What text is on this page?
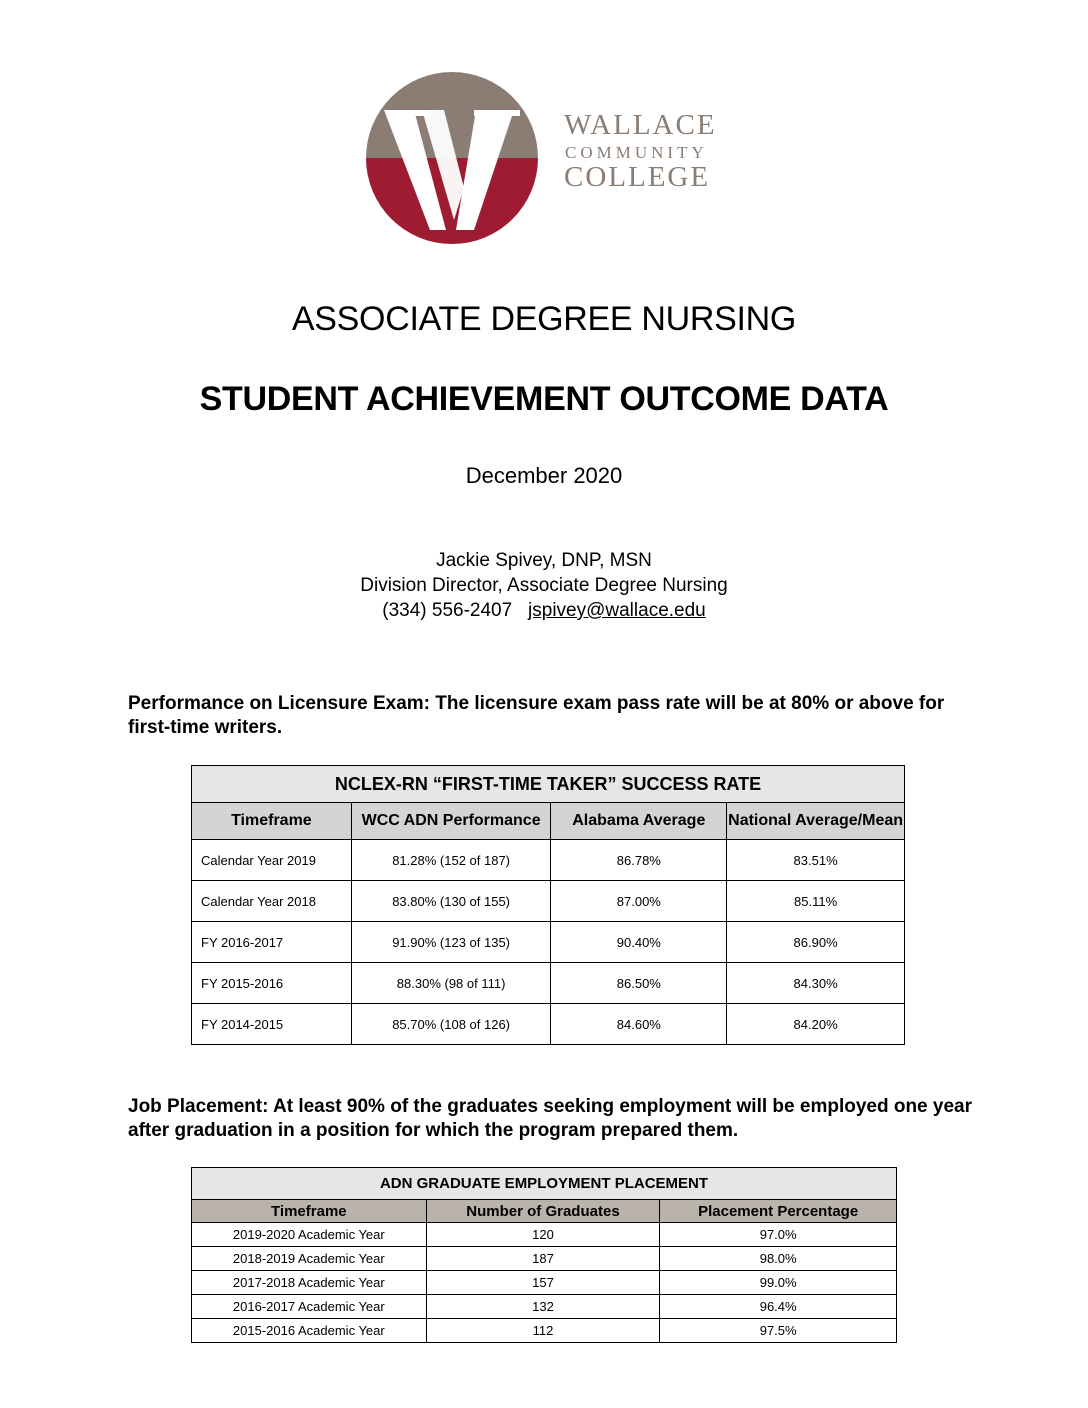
WALLACE
COMMUNITY
COLLEGE
ASSOCIATE DEGREE NURSING
STUDENT ACHIEVEMENT OUTCOME DATA
December 2020
Jackie Spivey, DNP, MSN
Division Director, Associate Degree Nursing
(334) 556-2407 jspivey@wallace.edu
Performance on Licensure Exam: The licensure exam pass rate will be at 80% or above for first-time writers.
NCLEX-RN “FIRST-TIME TAKER” SUCCESS RATE			
Timeframe	WCC ADN Performance	Alabama Average	National Average/Mean
Calendar Year 2019	81.28% (152 of 187)	86.78%	83.51%
Calendar Year 2018	83.80% (130 of 155)	87.00%	85.11%
FY 2016-2017	91.90% (123 of 135)	90.40%	86.90%
FY 2015-2016	88.30% (98 of 111)	86.50%	84.30%
FY 2014-2015	85.70% (108 of 126)	84.60%	84.20%
Job Placement: At least 90% of the graduates seeking employment will be employed one year after graduation in a position for which the program prepared them.
ADN GRADUATE EMPLOYMENT PLACEMENT		
Timeframe	Number of Graduates	Placement Percentage
2019-2020 Academic Year	120	97.0%
2018-2019 Academic Year	187	98.0%
2017-2018 Academic Year	157	99.0%
2016-2017 Academic Year	132	96.4%
2015-2016 Academic Year	112	97.5%
